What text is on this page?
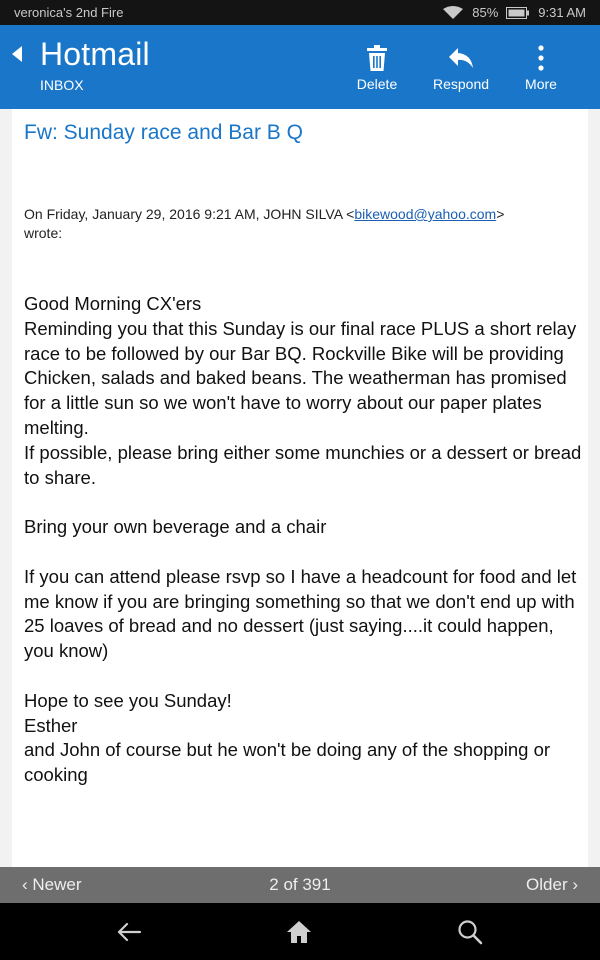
veronica's 2nd Fire	85%	9:31 AM
Hotmail
INBOX	Delete	Respond	More
Fw: Sunday race and Bar B Q
On Friday, January 29, 2016 9:21 AM, JOHN SILVA <bikewood@yahoo.com>
wrote:

Good Morning CX'ers

Reminding you that this Sunday is our final race PLUS a short relay race to be followed by our Bar BQ. Rockville Bike will be providing Chicken, salads and baked beans. The weatherman has promised for a little sun so we won't have to worry about our paper plates melting.

If possible, please bring either some munchies or a dessert or bread to share.

Bring your own beverage and a chair

If you can attend please rsvp so I have a headcount for food and let me know if you are bringing something so that we don't end up with 25 loaves of bread and no dessert (just saying....it could happen, you know)

Hope to see you Sunday!

Esther

and John of course but he won't be doing any of the shopping or cooking

‹ Newer	2 of 391	Older ›
